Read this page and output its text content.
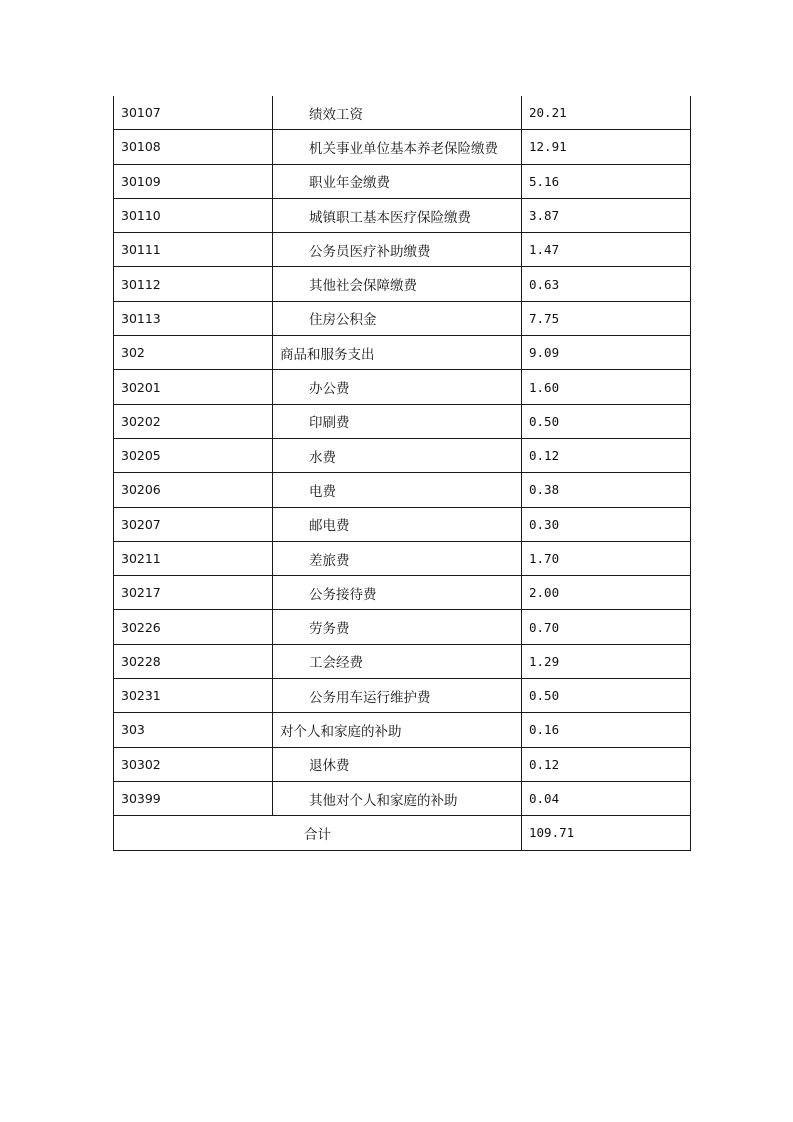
30107	绩效工资	20.21
30108	机关事业单位基本养老保险缴费	12.91
30109	职业年金缴费	5.16
30110	城镇职工基本医疗保险缴费	3.87
30111	公务员医疗补助缴费	1.47
30112	其他社会保障缴费	0.63
30113	住房公积金	7.75
302	商品和服务支出	9.09
30201	办公费	1.60
30202	印刷费	0.50
30205	水费	0.12
30206	电费	0.38
30207	邮电费	0.30
30211	差旅费	1.70
30217	公务接待费	2.00
30226	劳务费	0.70
30228	工会经费	1.29
30231	公务用车运行维护费	0.50
303	对个人和家庭的补助	0.16
30302	退休费	0.12
30399	其他对个人和家庭的补助	0.04
合计		109.71
